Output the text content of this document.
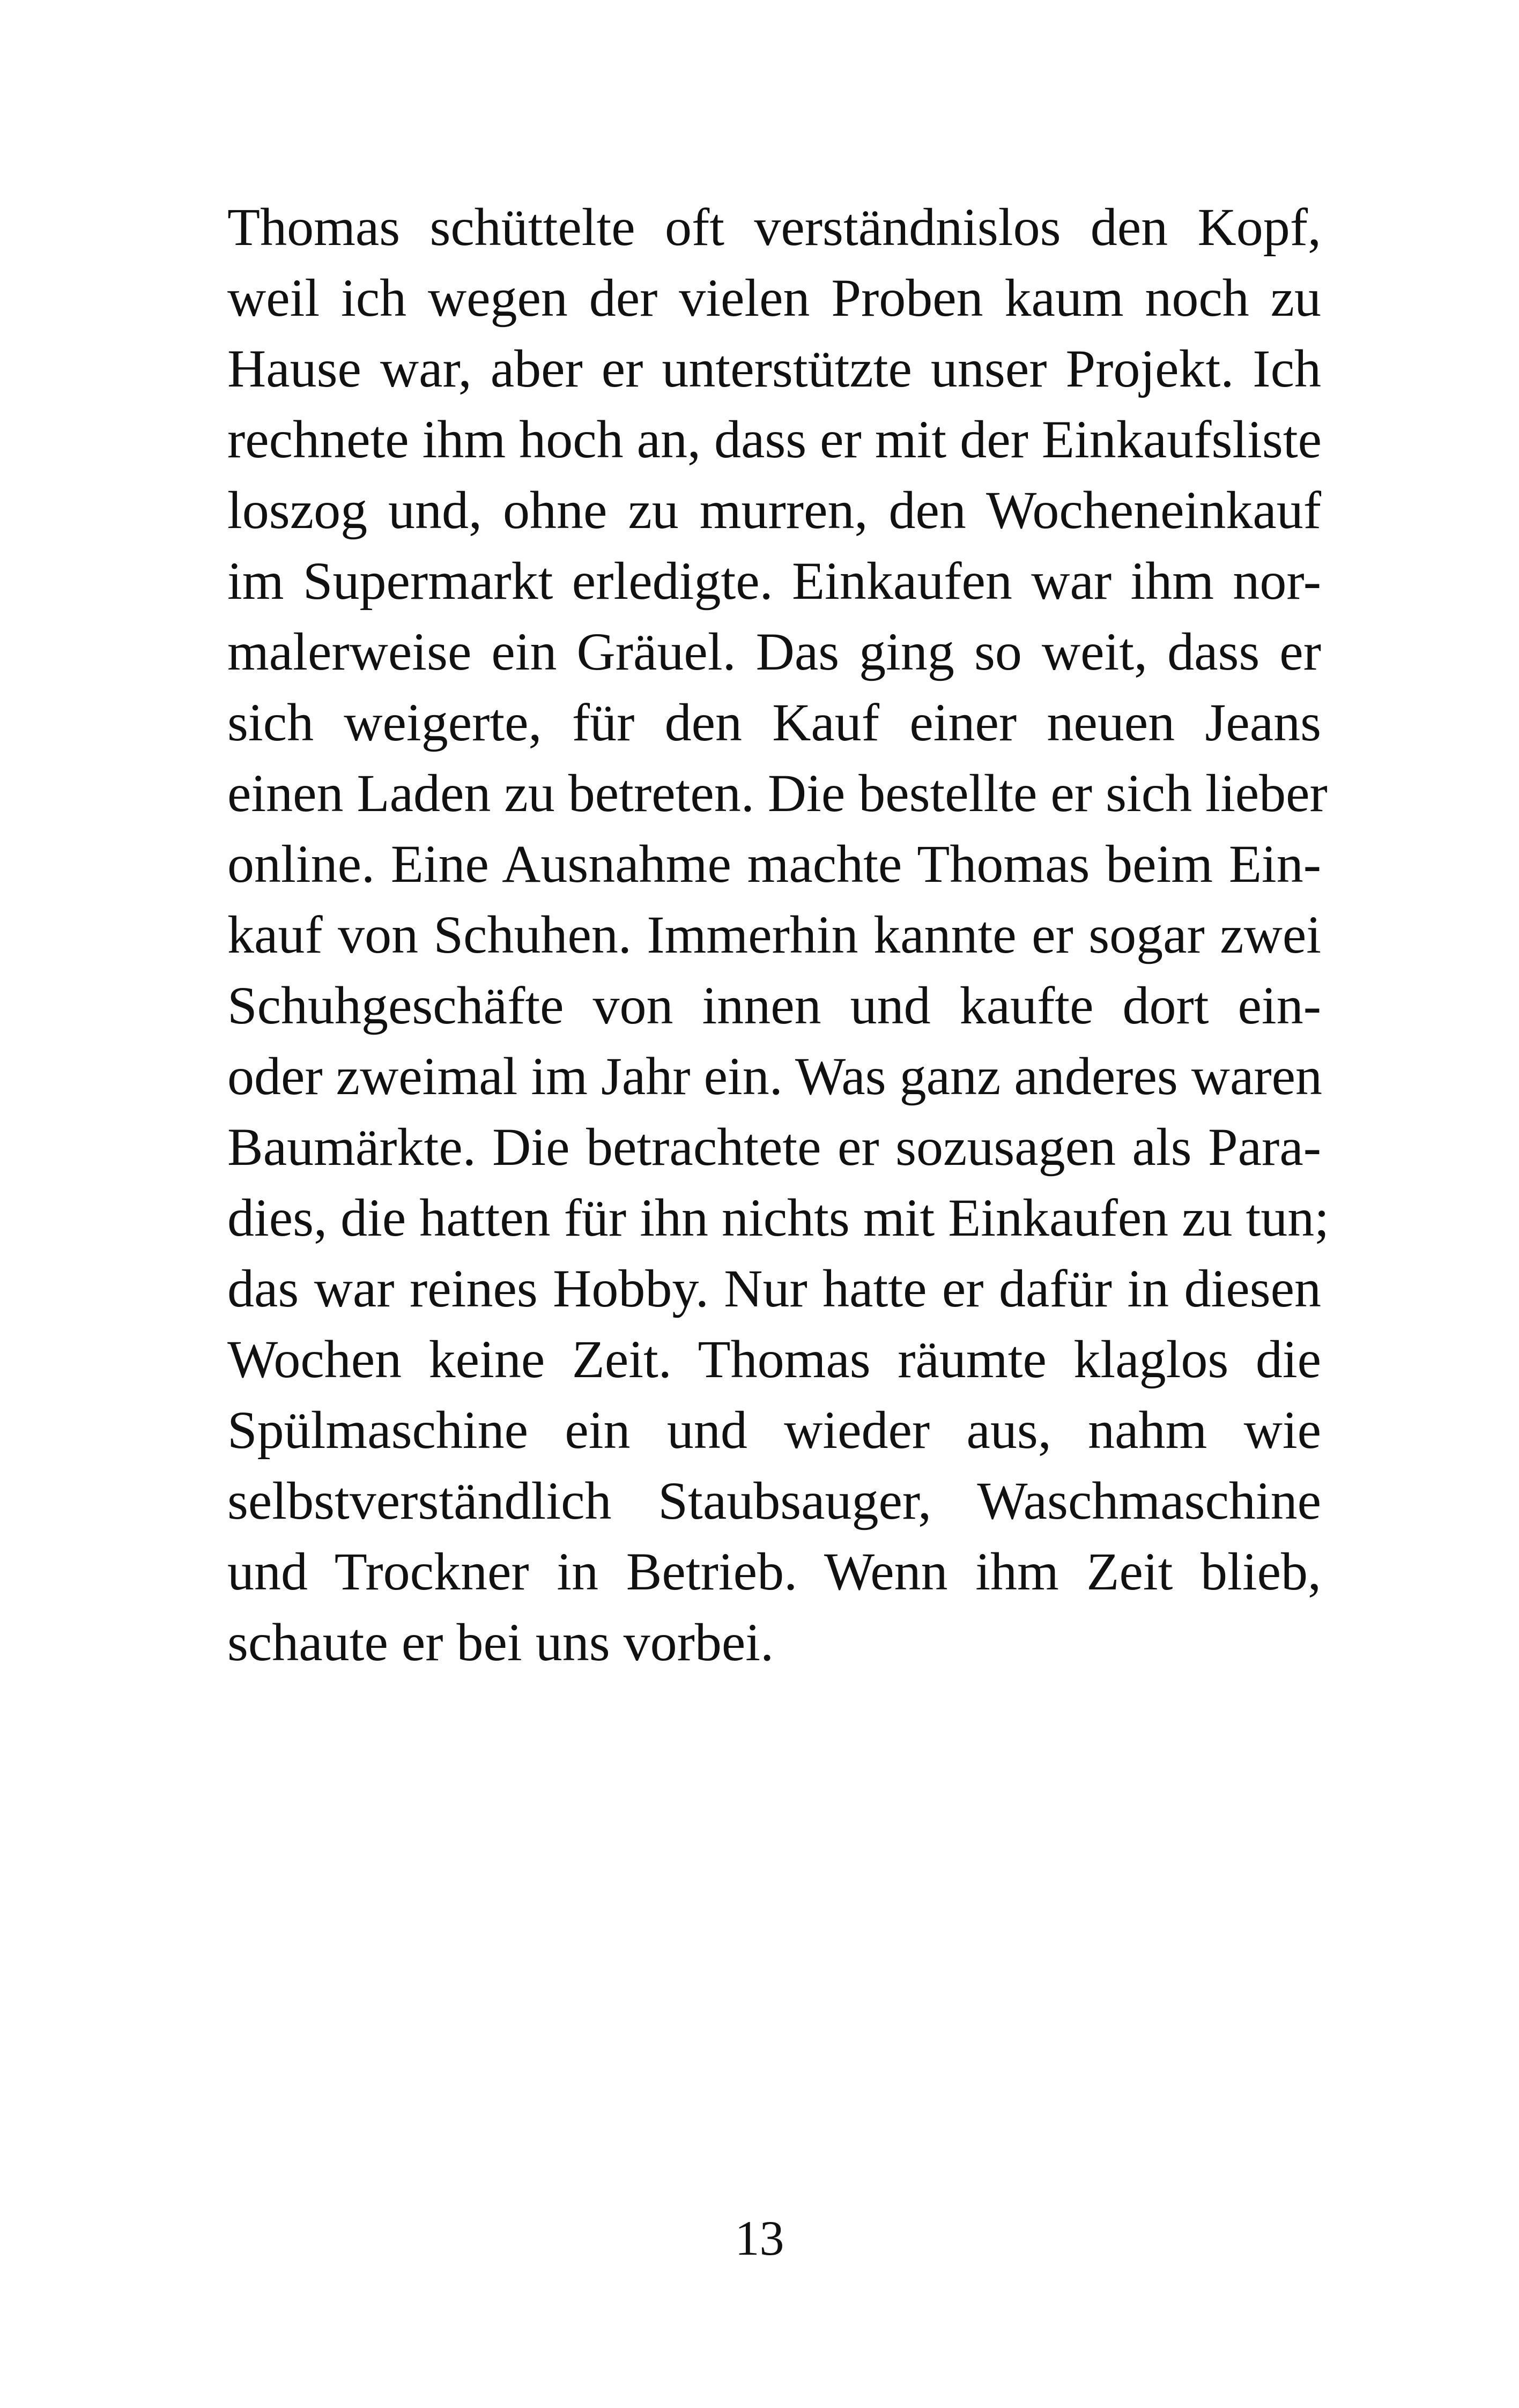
Thomas schüttelte oft verständnislos den Kopf,
weil ich wegen der vielen Proben kaum noch zu
Hause war, aber er unterstützte unser Projekt. Ich
rechnete ihm hoch an, dass er mit der Einkaufsliste
loszog und, ohne zu murren, den Wocheneinkauf
im Supermarkt erledigte. Einkaufen war ihm nor-
malerweise ein Gräuel. Das ging so weit, dass er
sich weigerte, für den Kauf einer neuen Jeans
einen Laden zu betreten. Die bestellte er sich lieber
online. Eine Ausnahme machte Thomas beim Ein-
kauf von Schuhen. Immerhin kannte er sogar zwei
Schuhgeschäfte von innen und kaufte dort ein-
oder zweimal im Jahr ein. Was ganz anderes waren
Baumärkte. Die betrachtete er sozusagen als Para-
dies, die hatten für ihn nichts mit Einkaufen zu tun;
das war reines Hobby. Nur hatte er dafür in diesen
Wochen keine Zeit. Thomas räumte klaglos die
Spülmaschine ein und wieder aus, nahm wie
selbstverständlich Staubsauger, Waschmaschine
und Trockner in Betrieb. Wenn ihm Zeit blieb,
schaute er bei uns vorbei.
13
